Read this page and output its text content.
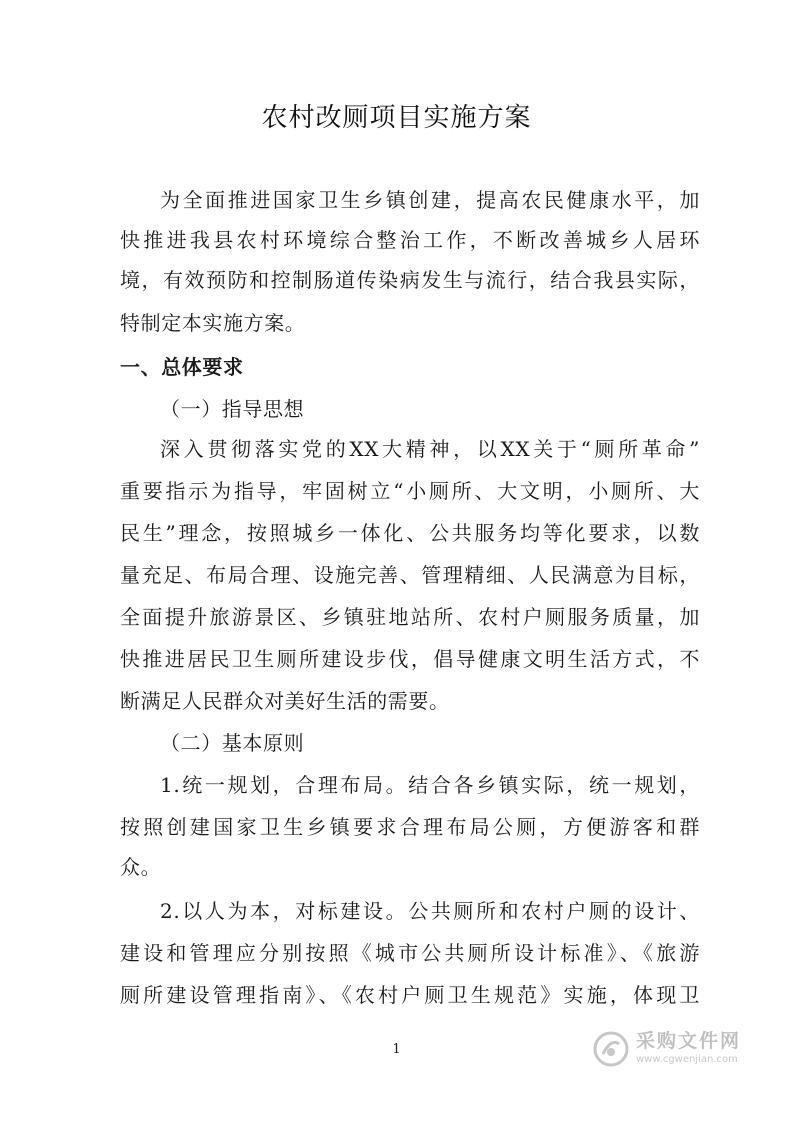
农村改厕项目实施方案
为全面推进国家卫生乡镇创建，提高农民健康水平，加
快推进我县农村环境综合整治工作，不断改善城乡人居环
境，有效预防和控制肠道传染病发生与流行，结合我县实际，
特制定本实施方案。
一、总体要求
（一）指导思想
深入贯彻落实党的XX大精神，以XX关于“厕所革命”
重要指示为指导，牢固树立“小厕所、大文明，小厕所、大
民生”理念，按照城乡一体化、公共服务均等化要求，以数
量充足、布局合理、设施完善、管理精细、人民满意为目标，
全面提升旅游景区、乡镇驻地站所、农村户厕服务质量，加
快推进居民卫生厕所建设步伐，倡导健康文明生活方式，不
断满足人民群众对美好生活的需要。
（二）基本原则
1.统一规划，合理布局。结合各乡镇实际，统一规划，
按照创建国家卫生乡镇要求合理布局公厕，方便游客和群
众。
2.以人为本，对标建设。公共厕所和农村户厕的设计、
建设和管理应分别按照《城市公共厕所设计标准》、《旅游
厕所建设管理指南》、《农村户厕卫生规范》实施，体现卫
1	采购文件网
www.cgwenjian.com
